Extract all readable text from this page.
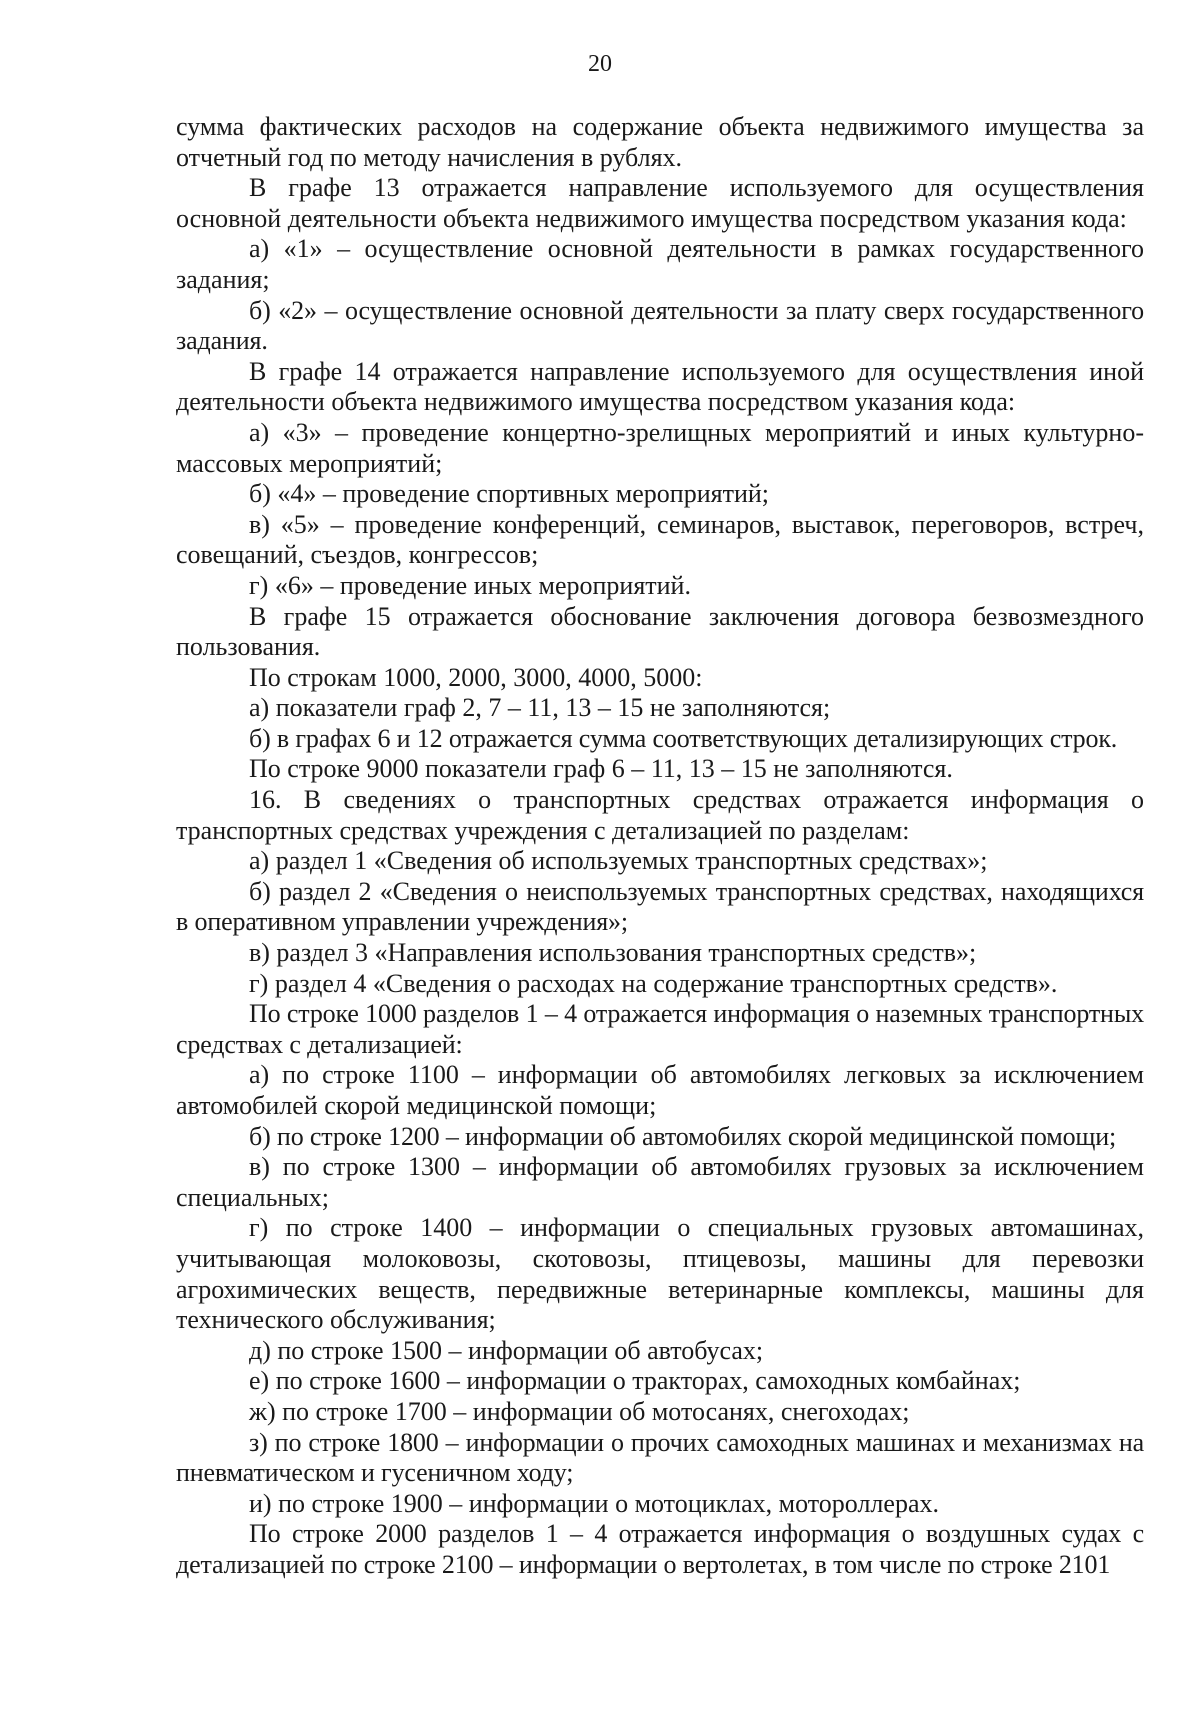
20

сумма фактических расходов на содержание объекта недвижимого имущества за отчетный год по методу начисления в рублях.

В графе 13 отражается направление используемого для осуществления основной деятельности объекта недвижимого имущества посредством указания кода:

а) «1» – осуществление основной деятельности в рамках государственного задания;

б) «2» – осуществление основной деятельности за плату сверх государственного задания.

В графе 14 отражается направление используемого для осуществления иной деятельности объекта недвижимого имущества посредством указания кода:

а) «3» – проведение концертно-зрелищных мероприятий и иных культурно-массовых мероприятий;

б) «4» – проведение спортивных мероприятий;

в) «5» – проведение конференций, семинаров, выставок, переговоров, встреч, совещаний, съездов, конгрессов;

г) «6» – проведение иных мероприятий.

В графе 15 отражается обоснование заключения договора безвозмездного пользования.

По строкам 1000, 2000, 3000, 4000, 5000:

а) показатели граф 2, 7 – 11, 13 – 15 не заполняются;

б) в графах 6 и 12 отражается сумма соответствующих детализирующих строк.

По строке 9000 показатели граф 6 – 11, 13 – 15 не заполняются.

16. В сведениях о транспортных средствах отражается информация о транспортных средствах учреждения с детализацией по разделам:

а) раздел 1 «Сведения об используемых транспортных средствах»;

б) раздел 2 «Сведения о неиспользуемых транспортных средствах, находящихся в оперативном управлении учреждения»;

в) раздел 3 «Направления использования транспортных средств»;

г) раздел 4 «Сведения о расходах на содержание транспортных средств».

По строке 1000 разделов 1 – 4 отражается информация о наземных транспортных средствах с детализацией:

а) по строке 1100 – информации об автомобилях легковых за исключением автомобилей скорой медицинской помощи;

б) по строке 1200 – информации об автомобилях скорой медицинской помощи;

в) по строке 1300 – информации об автомобилях грузовых за исключением специальных;

г) по строке 1400 – информации о специальных грузовых автомашинах, учитывающая молоковозы, скотовозы, птицевозы, машины для перевозки агрохимических веществ, передвижные ветеринарные комплексы, машины для технического обслуживания;

д) по строке 1500 – информации об автобусах;

е) по строке 1600 – информации о тракторах, самоходных комбайнах;

ж) по строке 1700 – информации об мотосанях, снегоходах;

з) по строке 1800 – информации о прочих самоходных машинах и механизмах на пневматическом и гусеничном ходу;

и) по строке 1900 – информации о мотоциклах, мотороллерах.

По строке 2000 разделов 1 – 4 отражается информация о воздушных судах с детализацией по строке 2100 – информации о вертолетах, в том числе по строке 2101
